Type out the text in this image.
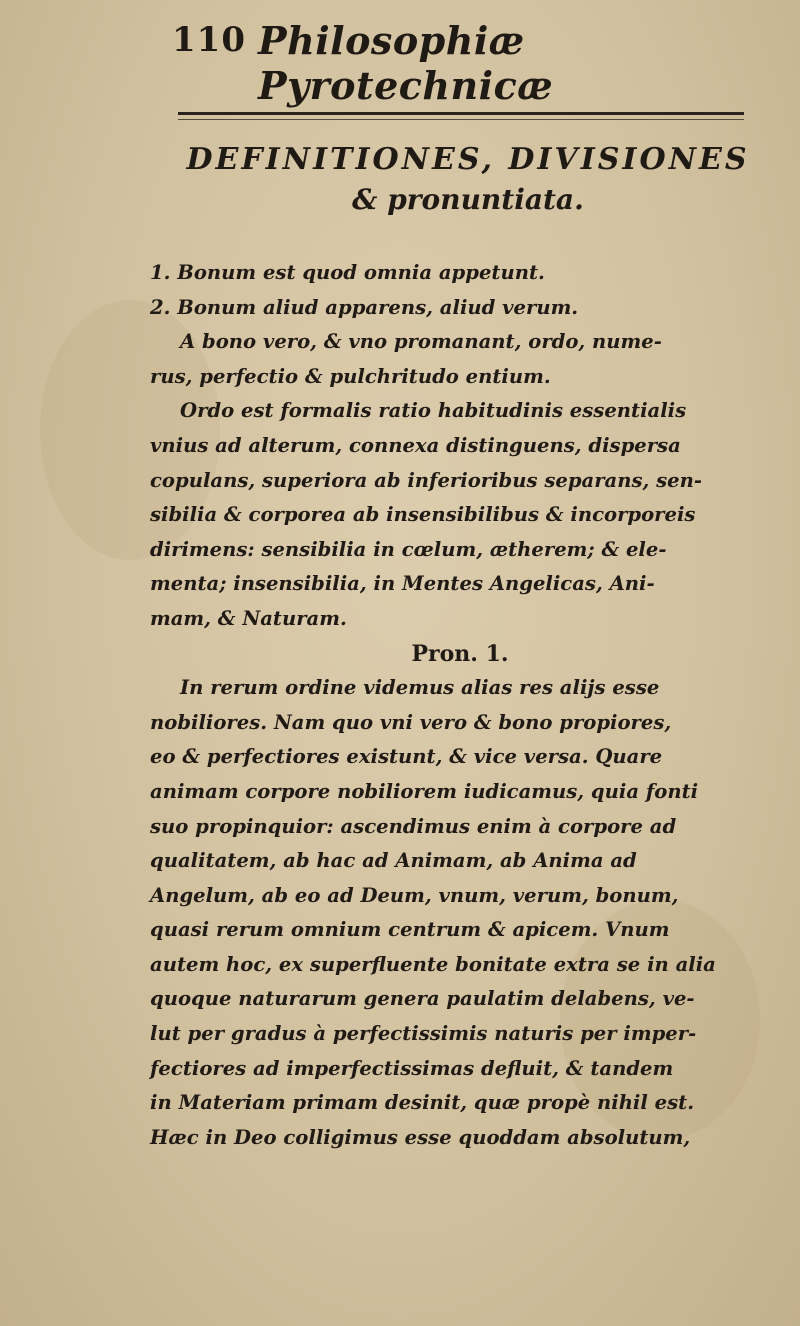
110 Philosophiæ Pyrotechnicæ
DEFINITIONES, DIVISIONES
& pronuntiata.
1. Bonum est quod omnia appetunt.
2. Bonum aliud apparens, aliud verum.
A bono vero, & vno promanant, ordo, nume-
rus, perfectio & pulchritudo entium.
Ordo est formalis ratio habitudinis essentialis
vnius ad alterum, connexa distinguens, dispersa
copulans, superiora ab inferioribus separans, sen-
sibilia & corporea ab insensibilibus & incorporeis
dirimens: sensibilia in cœlum, ætherem; & ele-
menta; insensibilia, in Mentes Angelicas, Ani-
mam, & Naturam.
Pron. 1.
In rerum ordine videmus alias res alijs esse
nobiliores. Nam quo vni vero & bono propiores,
eo & perfectiores existunt, & vice versa. Quare
animam corpore nobiliorem iudicamus, quia fonti
suo propinquior: ascendimus enim à corpore ad
qualitatem, ab hac ad Animam, ab Anima ad
Angelum, ab eo ad Deum, vnum, verum, bonum,
quasi rerum omnium centrum & apicem. Vnum
autem hoc, ex superfluente bonitate extra se in alia
quoque naturarum genera paulatim delabens, ve-
lut per gradus à perfectissimis naturis per imper-
fectiores ad imperfectissimas defluit, & tandem
in Materiam primam desinit, quæ propè nihil est.
Hæc in Deo colligimus esse quoddam absolutum,
